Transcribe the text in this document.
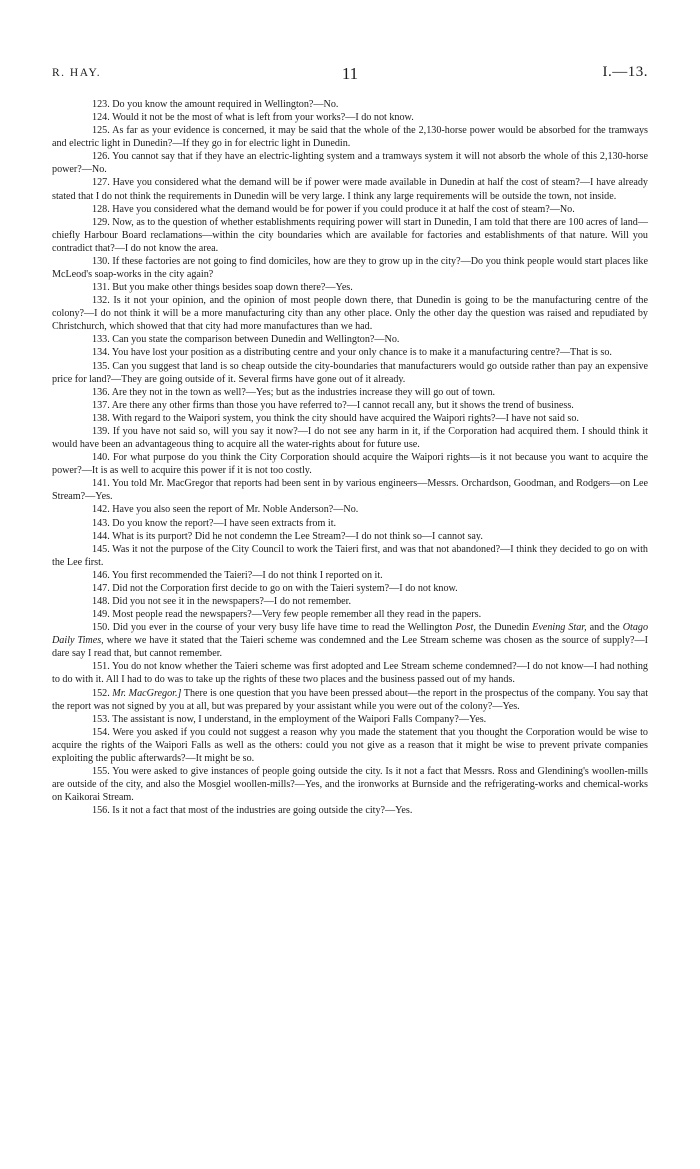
R. HAY.	11	I.—13.

123. Do you know the amount required in Wellington?—No.

124. Would it not be the most of what is left from your works?—I do not know.

125. As far as your evidence is concerned, it may be said that the whole of the 2,130-horse power would be absorbed for the tramways and electric light in Dunedin?—If they go in for electric light in Dunedin.

126. You cannot say that if they have an electric-lighting system and a tramways system it will not absorb the whole of this 2,130-horse power?—No.

127. Have you considered what the demand will be if power were made available in Dunedin at half the cost of steam?—I have already stated that I do not think the requirements in Dunedin will be very large. I think any large requirements will be outside the town, not inside.

128. Have you considered what the demand would be for power if you could produce it at half the cost of steam?—No.

129. Now, as to the question of whether establishments requiring power will start in Dunedin, I am told that there are 100 acres of land—chiefly Harbour Board reclamations—within the city boundaries which are available for factories and establishments of that nature. Will you contradict that?—I do not know the area.

130. If these factories are not going to find domiciles, how are they to grow up in the city?—Do you think people would start places like McLeod's soap-works in the city again?

131. But you make other things besides soap down there?—Yes.

132. Is it not your opinion, and the opinion of most people down there, that Dunedin is going to be the manufacturing centre of the colony?—I do not think it will be a more manufacturing city than any other place. Only the other day the question was raised and repudiated by Christchurch, which showed that that city had more manufactures than we had.

133. Can you state the comparison between Dunedin and Wellington?—No.

134. You have lost your position as a distributing centre and your only chance is to make it a manufacturing centre?—That is so.

135. Can you suggest that land is so cheap outside the city-boundaries that manufacturers would go outside rather than pay an expensive price for land?—They are going outside of it. Several firms have gone out of it already.

136. Are they not in the town as well?—Yes; but as the industries increase they will go out of town.

137. Are there any other firms than those you have referred to?—I cannot recall any, but it shows the trend of business.

138. With regard to the Waipori system, you think the city should have acquired the Waipori rights?—I have not said so.

139. If you have not said so, will you say it now?—I do not see any harm in it, if the Corporation had acquired them. I should think it would have been an advantageous thing to acquire all the water-rights about for future use.

140. For what purpose do you think the City Corporation should acquire the Waipori rights—is it not because you want to acquire the power?—It is as well to acquire this power if it is not too costly.

141. You told Mr. MacGregor that reports had been sent in by various engineers—Messrs. Orchardson, Goodman, and Rodgers—on Lee Stream?—Yes.

142. Have you also seen the report of Mr. Noble Anderson?—No.

143. Do you know the report?—I have seen extracts from it.

144. What is its purport? Did he not condemn the Lee Stream?—I do not think so—I cannot say.

145. Was it not the purpose of the City Council to work the Taieri first, and was that not abandoned?—I think they decided to go on with the Lee first.

146. You first recommended the Taieri?—I do not think I reported on it.

147. Did not the Corporation first decide to go on with the Taieri system?—I do not know.

148. Did you not see it in the newspapers?—I do not remember.

149. Most people read the newspapers?—Very few people remember all they read in the papers.

150. Did you ever in the course of your very busy life have time to read the Wellington Post, the Dunedin Evening Star, and the Otago Daily Times, where we have it stated that the Taieri scheme was condemned and the Lee Stream scheme was chosen as the source of supply?—I dare say I read that, but cannot remember.

151. You do not know whether the Taieri scheme was first adopted and Lee Stream scheme condemned?—I do not know—I had nothing to do with it. All I had to do was to take up the rights of these two places and the business passed out of my hands.

152. Mr. MacGregor.] There is one question that you have been pressed about—the report in the prospectus of the company. You say that the report was not signed by you at all, but was prepared by your assistant while you were out of the colony?—Yes.

153. The assistant is now, I understand, in the employment of the Waipori Falls Company?—Yes.

154. Were you asked if you could not suggest a reason why you made the statement that you thought the Corporation would be wise to acquire the rights of the Waipori Falls as well as the others: could you not give as a reason that it might be wise to prevent private companies exploiting the public afterwards?—It might be so.

155. You were asked to give instances of people going outside the city. Is it not a fact that Messrs. Ross and Glendining's woollen-mills are outside of the city, and also the Mosgiel woollen-mills?—Yes, and the ironworks at Burnside and the refrigerating-works and chemical-works on Kaikorai Stream.

156. Is it not a fact that most of the industries are going outside the city?—Yes.
